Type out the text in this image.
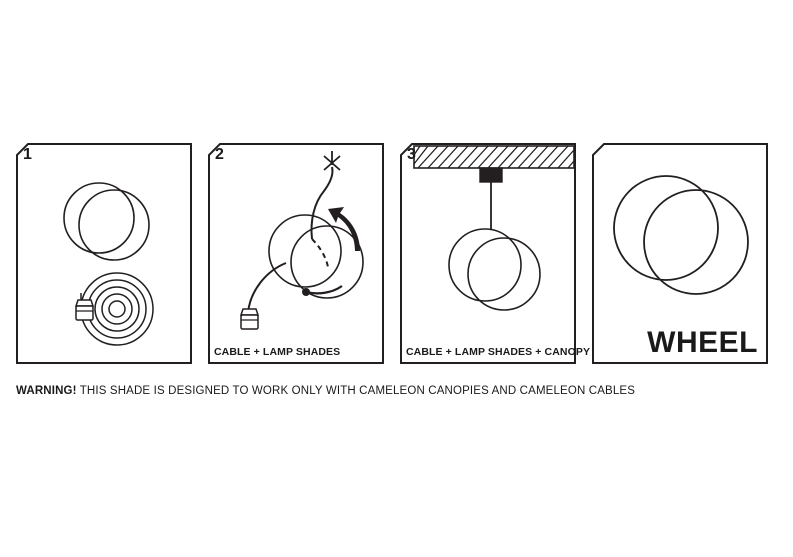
1	2
CABLE + LAMP SHADES
3
CABLE + LAMP SHADES + CANOPY WHEEL
WARNING! THIS SHADE IS DESIGNED TO WORK ONLY WITH CAMELEON CANOPIES AND CAMELEON CABLES
